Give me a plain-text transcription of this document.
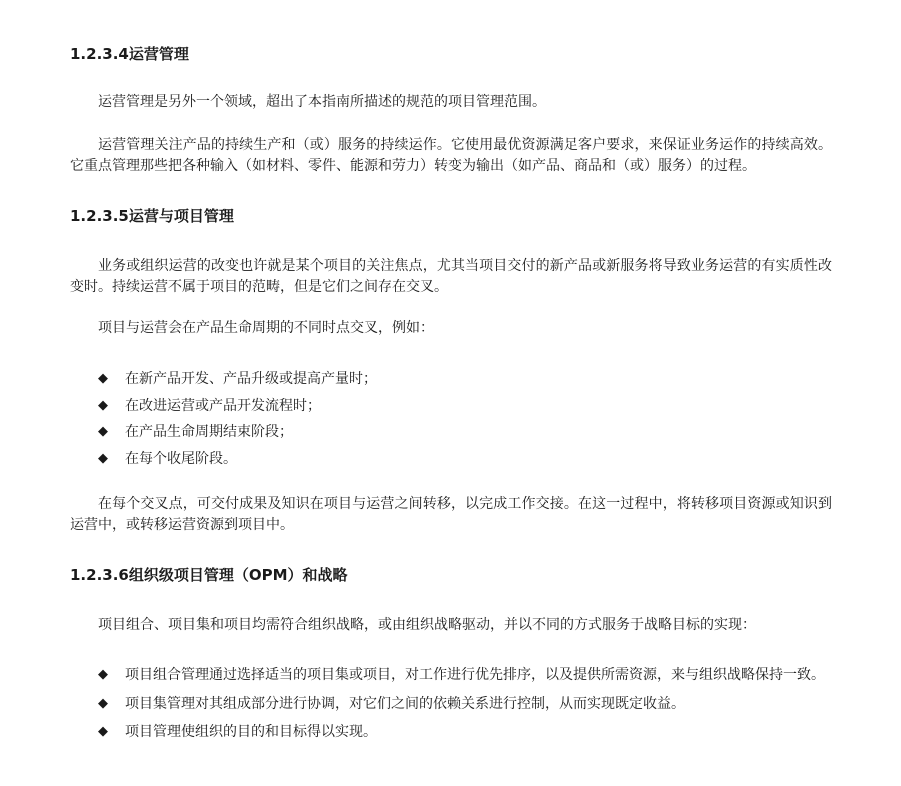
1.2.3.4运营管理
运营管理是另外一个领域，超出了本指南所描述的规范的项目管理范围。
运营管理关注产品的持续生产和（或）服务的持续运作。它使用最优资源满足客户要求，来保证业务运作的持续高效。它重点管理那些把各种输入（如材料、零件、能源和劳力）转变为输出（如产品、商品和（或）服务）的过程。
1.2.3.5运营与项目管理
业务或组织运营的改变也许就是某个项目的关注焦点，尤其当项目交付的新产品或新服务将导致业务运营的有实质性改变时。持续运营不属于项目的范畴，但是它们之间存在交叉。
项目与运营会在产品生命周期的不同时点交叉，例如：
◆ 在新产品开发、产品升级或提高产量时；
◆ 在改进运营或产品开发流程时；
◆ 在产品生命周期结束阶段；
◆ 在每个收尾阶段。
在每个交叉点，可交付成果及知识在项目与运营之间转移，以完成工作交接。在这一过程中，将转移项目资源或知识到运营中，或转移运营资源到项目中。
1.2.3.6组织级项目管理（OPM）和战略
项目组合、项目集和项目均需符合组织战略，或由组织战略驱动，并以不同的方式服务于战略目标的实现：
◆ 项目组合管理通过选择适当的项目集或项目，对工作进行优先排序，以及提供所需资源，来与组织战略保持一致。
◆ 项目集管理对其组成部分进行协调，对它们之间的依赖关系进行控制，从而实现既定收益。
◆ 项目管理使组织的目的和目标得以实现。
